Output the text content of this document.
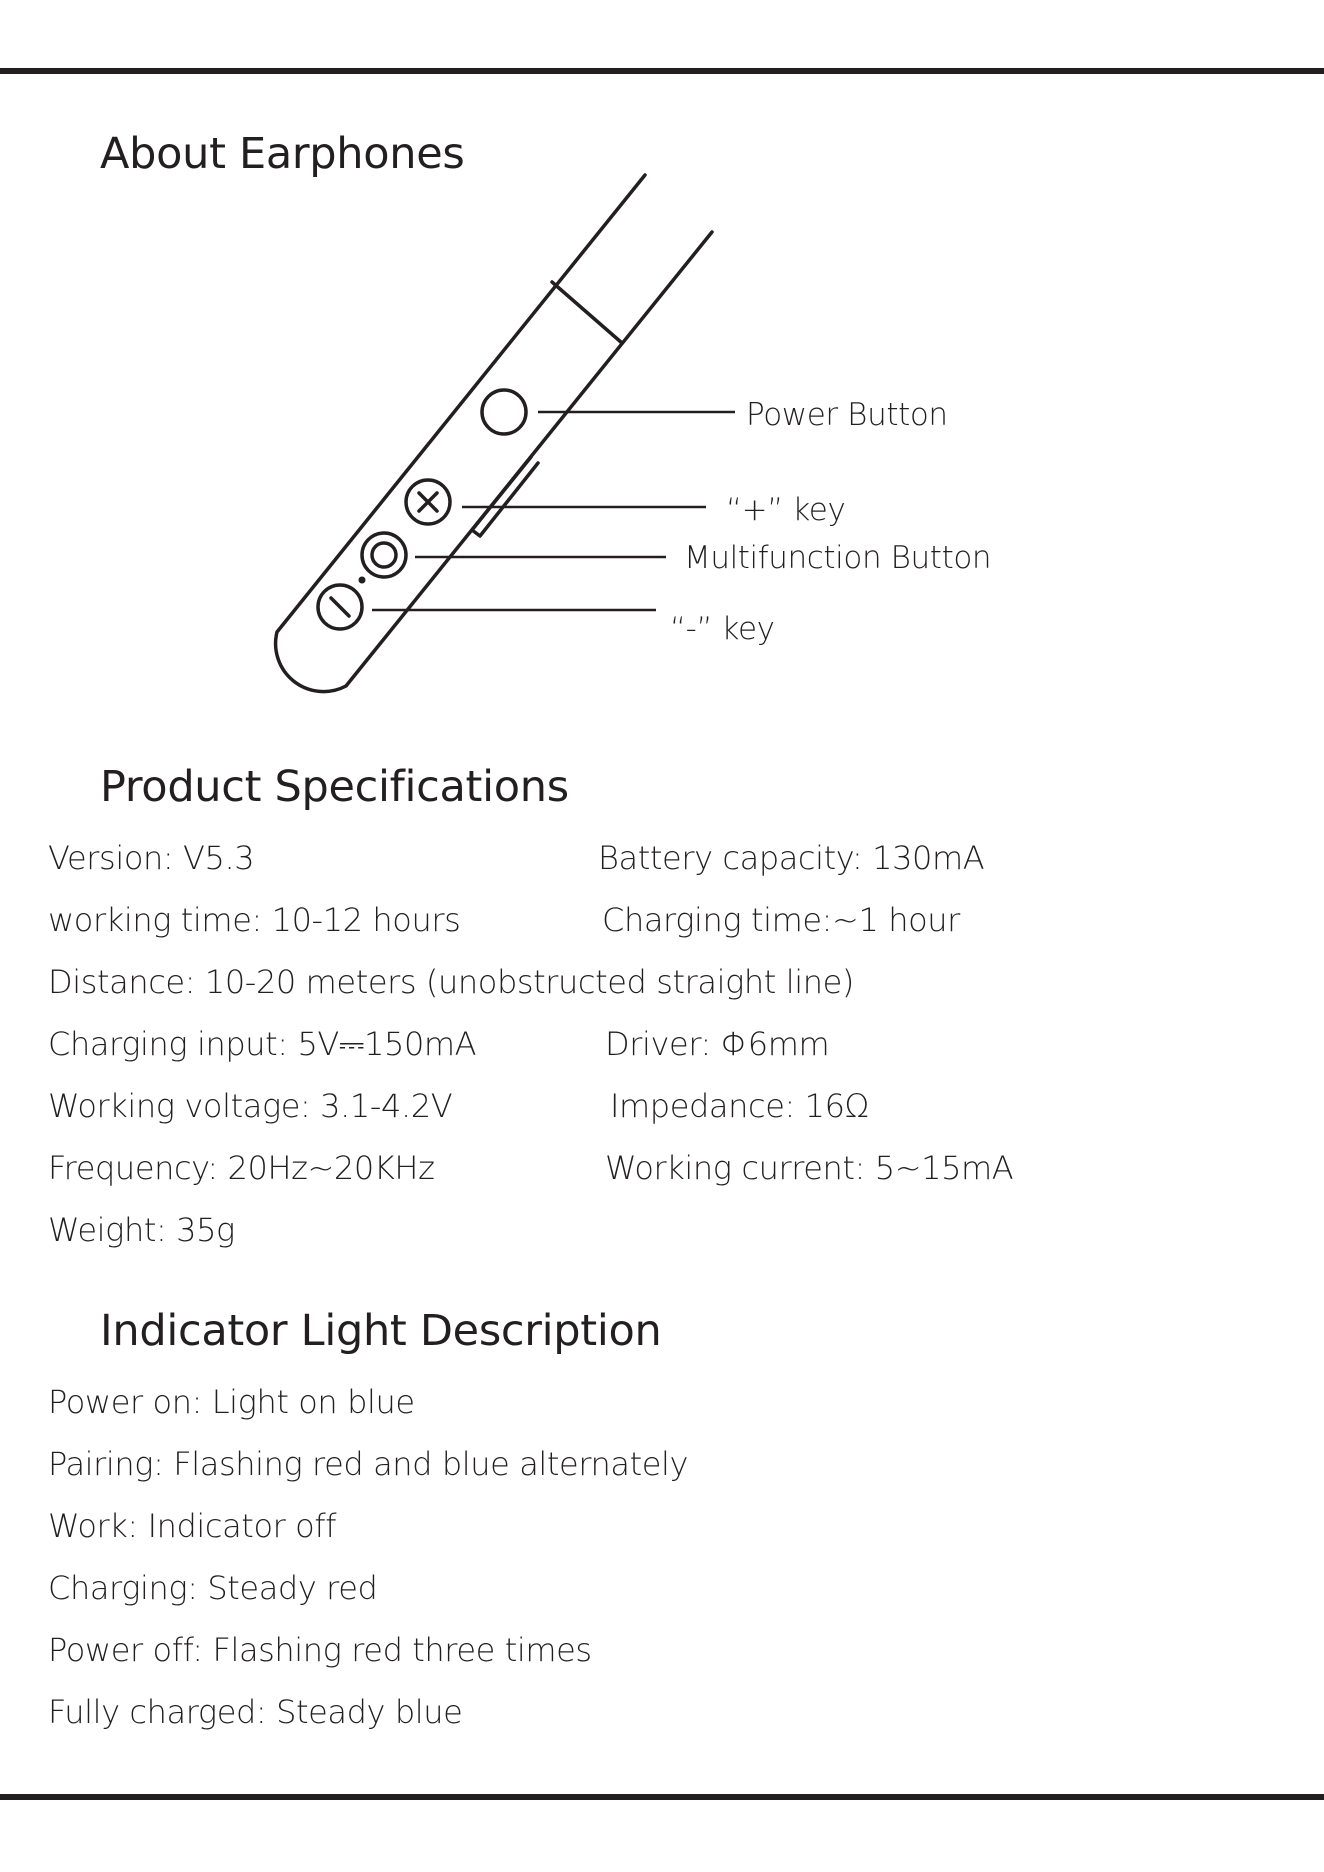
About Earphones

Power Button

“+” key

Multifunction Button

“-” key

Product Specifications

Version: V5.3	Battery capacity: 130mA

working time: 10-12 hours	Charging time:~1 hour

Distance: 10-20 meters (unobstructed straight line)

Charging input: 5V⎓150mA	Driver: Φ6mm

Working voltage: 3.1-4.2V	Impedance: 16Ω

Frequency: 20Hz~20KHz	Working current: 5~15mA

Weight: 35g

Indicator Light Description

Power on: Light on blue

Pairing: Flashing red and blue alternately

Work: Indicator off

Charging: Steady red

Power off: Flashing red three times

Fully charged: Steady blue
